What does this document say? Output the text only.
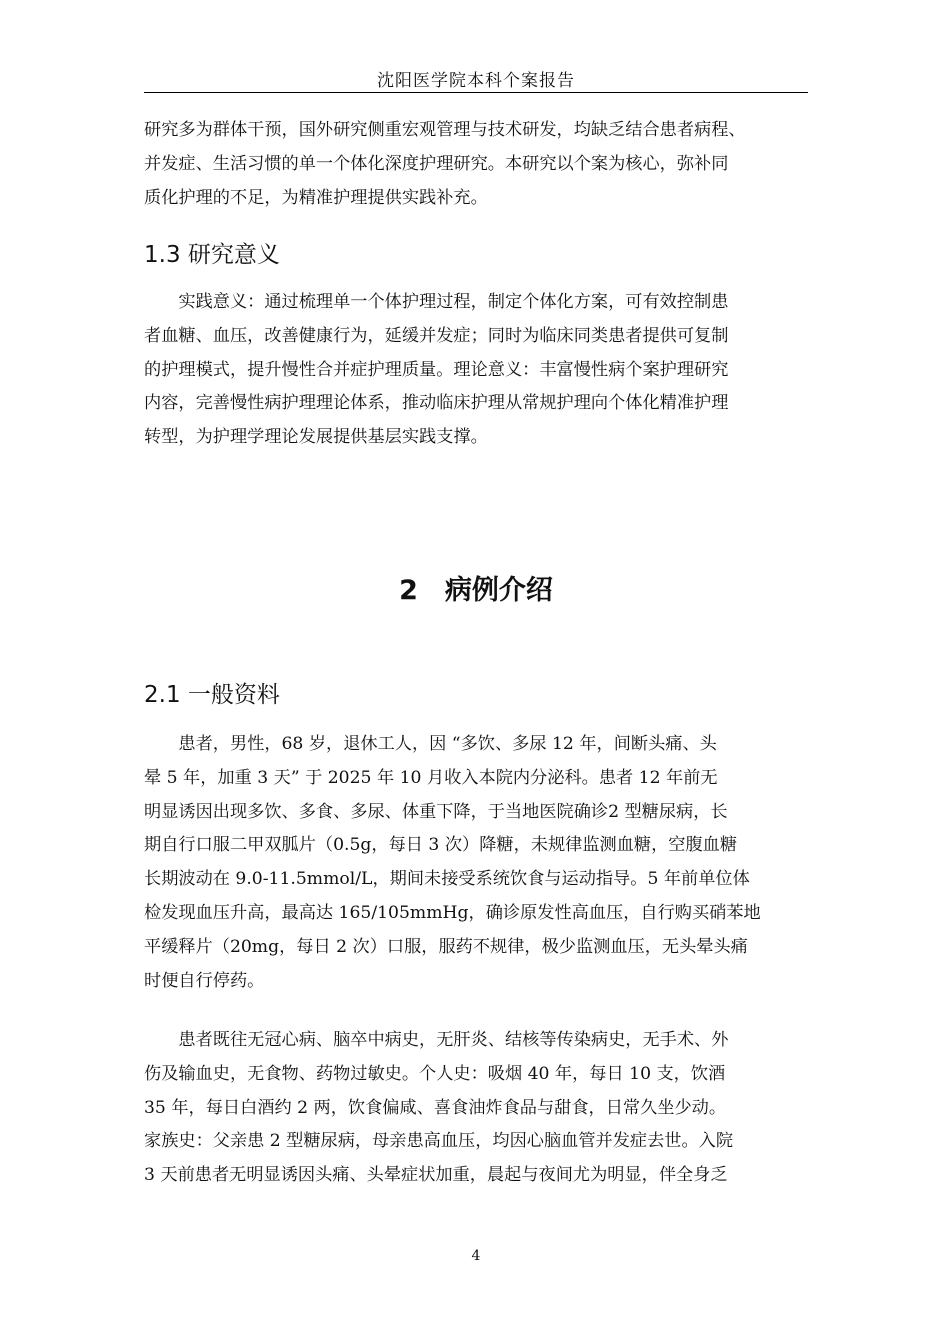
沈阳医学院本科个案报告

研究多为群体干预，国外研究侧重宏观管理与技术研发，均缺乏结合患者病程、
并发症、生活习惯的单一个体化深度护理研究。本研究以个案为核心，弥补同
质化护理的不足，为精准护理提供实践补充。

1.3 研究意义

　　实践意义：通过梳理单一个体护理过程，制定个体化方案，可有效控制患
者血糖、血压，改善健康行为，延缓并发症；同时为临床同类患者提供可复制
的护理模式，提升慢性合并症护理质量。理论意义：丰富慢性病个案护理研究
内容，完善慢性病护理理论体系，推动临床护理从常规护理向个体化精准护理
转型，为护理学理论发展提供基层实践支撑。

2　病例介绍
2.1 一般资料

　　患者，男性，68 岁，退休工人，因 “多饮、多尿 12 年，间断头痛、头
晕 5 年，加重 3 天” 于 2025 年 10 月收入本院内分泌科。患者 12 年前无
明显诱因出现多饮、多食、多尿、体重下降，于当地医院确诊2 型糖尿病，长
期自行口服二甲双胍片（0.5g，每日 3 次）降糖，未规律监测血糖，空腹血糖
长期波动在 9.0-11.5mmol/L，期间未接受系统饮食与运动指导。5 年前单位体
检发现血压升高，最高达 165/105mmHg，确诊原发性高血压，自行购买硝苯地
平缓释片（20mg，每日 2 次）口服，服药不规律，极少监测血压，无头晕头痛
时便自行停药。

　　患者既往无冠心病、脑卒中病史，无肝炎、结核等传染病史，无手术、外
伤及输血史，无食物、药物过敏史。个人史：吸烟 40 年，每日 10 支，饮酒
35 年，每日白酒约 2 两，饮食偏咸、喜食油炸食品与甜食，日常久坐少动。
家族史：父亲患 2 型糖尿病，母亲患高血压，均因心脑血管并发症去世。入院
3 天前患者无明显诱因头痛、头晕症状加重，晨起与夜间尤为明显，伴全身乏

4
